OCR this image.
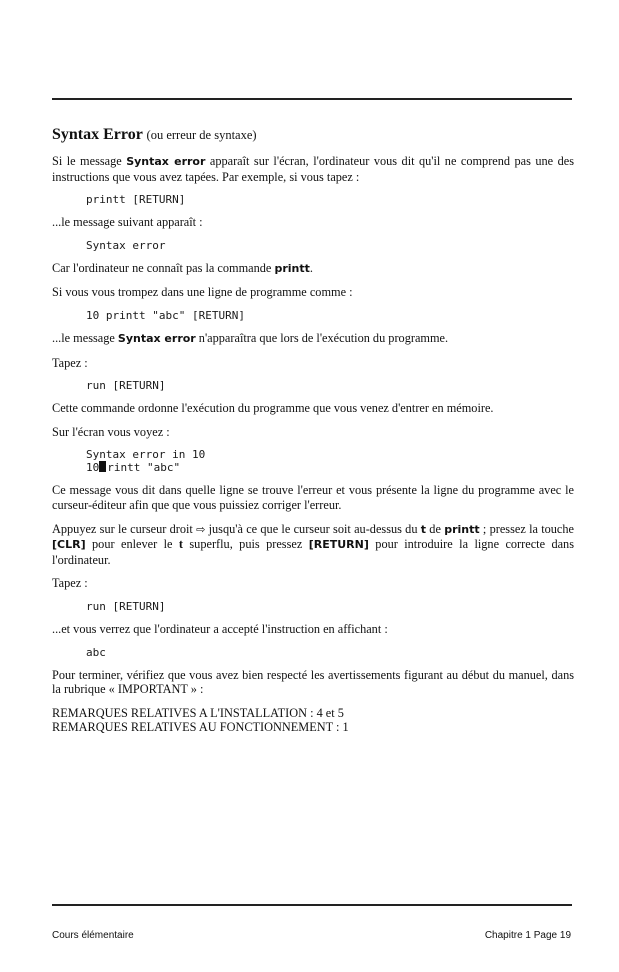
Syntax Error (ou erreur de syntaxe)

Si le message Syntax error apparaît sur l'écran, l'ordinateur vous dit qu'il ne comprend pas une des instructions que vous avez tapées. Par exemple, si vous tapez :

printt [RETURN]

...le message suivant apparaît :

Syntax error

Car l'ordinateur ne connaît pas la commande printt.

Si vous vous trompez dans une ligne de programme comme :

10 printt "abc" [RETURN]

...le message Syntax error n'apparaîtra que lors de l'exécution du programme.

Tapez :

run [RETURN]

Cette commande ordonne l'exécution du programme que vous venez d'entrer en mémoire.

Sur l'écran vous voyez :

Syntax error in 10
10 rintt "abc"

Ce message vous dit dans quelle ligne se trouve l'erreur et vous présente la ligne du programme avec le curseur-éditeur afin que que vous puissiez corriger l'erreur.

Appuyez sur le curseur droit ⇨ jusqu'à ce que le curseur soit au-dessus du t de printt ; pressez la touche [CLR] pour enlever le t superflu, puis pressez [RETURN] pour introduire la ligne correcte dans l'ordinateur.

Tapez :

run [RETURN]

...et vous verrez que l'ordinateur a accepté l'instruction en affichant :

abc

Pour terminer, vérifiez que vous avez bien respecté les avertissements figurant au début du manuel, dans la rubrique « IMPORTANT » :

REMARQUES RELATIVES A L'INSTALLATION : 4 et 5
REMARQUES RELATIVES AU FONCTIONNEMENT : 1
Cours élémentaire	Chapitre 1 Page 19
